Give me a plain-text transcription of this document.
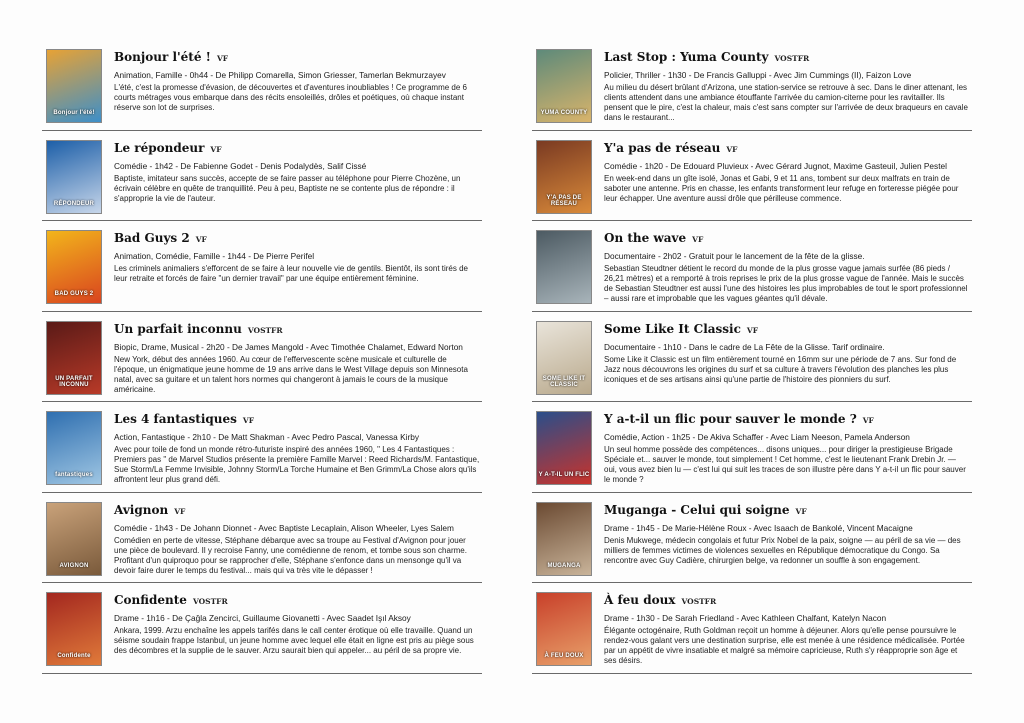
Bonjour l'été!
Bonjour l'été ! VF
Animation, Famille - 0h44 - De Philipp Comarella, Simon Griesser, Tamerlan Bekmurzayev
L'été, c'est la promesse d'évasion, de découvertes et d'aventures inoubliables ! Ce programme de 6 courts métrages vous embarque dans des récits ensoleillés, drôles et poétiques, où chaque instant réserve son lot de surprises.
RÉPONDEUR
Le répondeur VF
Comédie - 1h42 - De Fabienne Godet - Denis Podalydès, Salif Cissé
Baptiste, imitateur sans succès, accepte de se faire passer au téléphone pour Pierre Chozène, un écrivain célèbre en quête de tranquillité. Peu à peu, Baptiste ne se contente plus de répondre : il s'approprie la vie de l'auteur.
BAD GUYS 2
Bad Guys 2 VF
Animation, Comédie, Famille - 1h44 - De Pierre Perifel
Les criminels animaliers s'efforcent de se faire à leur nouvelle vie de gentils. Bientôt, ils sont tirés de leur retraite et forcés de faire "un dernier travail" par une équipe entièrement féminine.
UN PARFAIT INCONNU
Un parfait inconnu VOSTFR
Biopic, Drame, Musical - 2h20 - De James Mangold - Avec Timothée Chalamet, Edward Norton
New York, début des années 1960. Au cœur de l'effervescente scène musicale et culturelle de l'époque, un énigmatique jeune homme de 19 ans arrive dans le West Village depuis son Minnesota natal, avec sa guitare et un talent hors normes qui changeront à jamais le cours de la musique américaine.
fantastiques
Les 4 fantastiques VF
Action, Fantastique - 2h10 - De Matt Shakman - Avec Pedro Pascal, Vanessa Kirby
Avec pour toile de fond un monde rétro-futuriste inspiré des années 1960, " Les 4 Fantastiques : Premiers pas " de Marvel Studios présente la première Famille Marvel : Reed Richards/M. Fantastique, Sue Storm/La Femme Invisible, Johnny Storm/La Torche Humaine et Ben Grimm/La Chose alors qu'ils affrontent leur plus grand défi.
AVIGNON
Avignon VF
Comédie - 1h43 - De Johann Dionnet - Avec Baptiste Lecaplain, Alison Wheeler, Lyes Salem
Comédien en perte de vitesse, Stéphane débarque avec sa troupe au Festival d'Avignon pour jouer une pièce de boulevard. Il y recroise Fanny, une comédienne de renom, et tombe sous son charme. Profitant d'un quiproquo pour se rapprocher d'elle, Stéphane s'enfonce dans un mensonge qu'il va devoir faire durer le temps du festival... mais qui va très vite le dépasser !
Confidente
Confidente VOSTFR
Drame - 1h16 - De Çağla Zencirci, Guillaume Giovanetti - Avec Saadet Işıl Aksoy
Ankara, 1999. Arzu enchaîne les appels tarifés dans le call center érotique où elle travaille. Quand un séisme soudain frappe Istanbul, un jeune homme avec lequel elle était en ligne est pris au piège sous des décombres et la supplie de le sauver. Arzu saurait bien qui appeler... au péril de sa propre vie.
YUMA COUNTY
Last Stop : Yuma County VOSTFR
Policier, Thriller - 1h30 - De Francis Galluppi - Avec Jim Cummings (II), Faizon Love
Au milieu du désert brûlant d'Arizona, une station-service se retrouve à sec. Dans le diner attenant, les clients attendent dans une ambiance étouffante l'arrivée du camion-citerne pour les ravitailler. Ils pensent que le pire, c'est la chaleur, mais c'est sans compter sur l'arrivée de deux braqueurs en cavale dans le restaurant...
Y'A PAS DE RÉSEAU
Y'a pas de réseau VF
Comédie - 1h20 - De Edouard Pluvieux - Avec Gérard Jugnot, Maxime Gasteuil, Julien Pestel
En week-end dans un gîte isolé, Jonas et Gabi, 9 et 11 ans, tombent sur deux malfrats en train de saboter une antenne. Pris en chasse, les enfants transforment leur refuge en forteresse piégée pour leur échapper. Une aventure aussi drôle que périlleuse commence.
On the wave VF
Documentaire - 2h02 - Gratuit pour le lancement de la fête de la glisse.
Sebastian Steudtner détient le record du monde de la plus grosse vague jamais surfée (86 pieds / 26,21 mètres) et a remporté à trois reprises le prix de la plus grosse vague de l'année. Mais le succès de Sebastian Steudtner est aussi l'une des histoires les plus improbables de tout le sport professionnel – aussi rare et improbable que les vagues géantes qu'il dévale.
SOME LIKE IT CLASSIC
Some Like It Classic VF
Documentaire - 1h10 - Dans le cadre de La Fête de la Glisse. Tarif ordinaire.
Some Like it Classic est un film entièrement tourné en 16mm sur une période de 7 ans. Sur fond de Jazz nous découvrons les origines du surf et sa culture à travers l'évolution des planches les plus iconiques et de ses artisans ainsi qu'une partie de l'histoire des pionniers du surf.
Y A-T-IL UN FLIC
Y a-t-il un flic pour sauver le monde ? VF
Comédie, Action - 1h25 - De Akiva Schaffer - Avec Liam Neeson, Pamela Anderson
Un seul homme possède des compétences... disons uniques... pour diriger la prestigieuse Brigade Spéciale et... sauver le monde, tout simplement ! Cet homme, c'est le lieutenant Frank Drebin Jr. — oui, vous avez bien lu — c'est lui qui suit les traces de son illustre père dans Y a-t-il un flic pour sauver le monde ?
MUGANGA
Muganga - Celui qui soigne VF
Drame - 1h45 - De Marie-Hélène Roux - Avec Isaach de Bankolé, Vincent Macaigne
Denis Mukwege, médecin congolais et futur Prix Nobel de la paix, soigne — au péril de sa vie — des milliers de femmes victimes de violences sexuelles en République démocratique du Congo. Sa rencontre avec Guy Cadière, chirurgien belge, va redonner un souffle à son engagement.
À FEU DOUX
À feu doux VOSTFR
Drame - 1h30 - De Sarah Friedland - Avec Kathleen Chalfant, Katelyn Nacon
Élégante octogénaire, Ruth Goldman reçoit un homme à déjeuner. Alors qu'elle pense poursuivre le rendez-vous galant vers une destination surprise, elle est menée à une résidence médicalisée. Portée par un appétit de vivre insatiable et malgré sa mémoire capricieuse, Ruth s'y réapproprie son âge et ses désirs.
